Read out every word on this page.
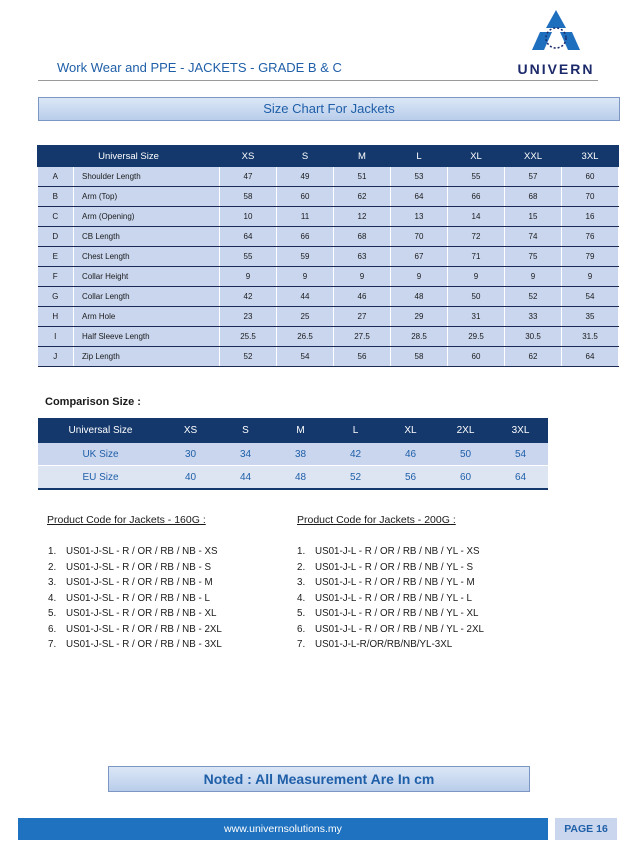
Work Wear and PPE - JACKETS - GRADE B & C	UNIVERN
Size Chart For Jackets
Universal Size		XS	S	M	L	XL	XXL	3XL
A	Shoulder Length	47	49	51	53	55	57	60
B	Arm (Top)	58	60	62	64	66	68	70
C	Arm (Opening)	10	11	12	13	14	15	16
D	CB Length	64	66	68	70	72	74	76
E	Chest Length	55	59	63	67	71	75	79
F	Collar Height	9	9	9	9	9	9	9
G	Collar Length	42	44	46	48	50	52	54
H	Arm Hole	23	25	27	29	31	33	35
I	Half Sleeve Length	25.5	26.5	27.5	28.5	29.5	30.5	31.5
J	Zip Length	52	54	56	58	60	62	64
Comparison Size :
Universal Size	XS	S	M	L	XL	2XL	3XL
UK Size	30	34	38	42	46	50	54
EU Size	40	44	48	52	56	60	64
Product Code for Jackets - 160G :
1.	US01-J-SL - R / OR / RB / NB - XS
2.	US01-J-SL - R / OR / RB / NB - S
3.	US01-J-SL - R / OR / RB / NB - M
4.	US01-J-SL - R / OR / RB / NB - L
5.	US01-J-SL - R / OR / RB / NB - XL
6.	US01-J-SL - R / OR / RB / NB - 2XL
7.	US01-J-SL - R / OR / RB / NB - 3XL
Product Code for Jackets - 200G :
1.	US01-J-L - R / OR / RB / NB / YL - XS
2.	US01-J-L - R / OR / RB / NB / YL - S
3.	US01-J-L - R / OR / RB / NB / YL - M
4.	US01-J-L - R / OR / RB / NB / YL - L
5.	US01-J-L - R / OR / RB / NB / YL - XL
6.	US01-J-L - R / OR / RB / NB / YL - 2XL
7.	US01-J-L-R/OR/RB/NB/YL-3XL
Noted : All Measurement Are In cm
www.univernsolutions.my	PAGE 16
